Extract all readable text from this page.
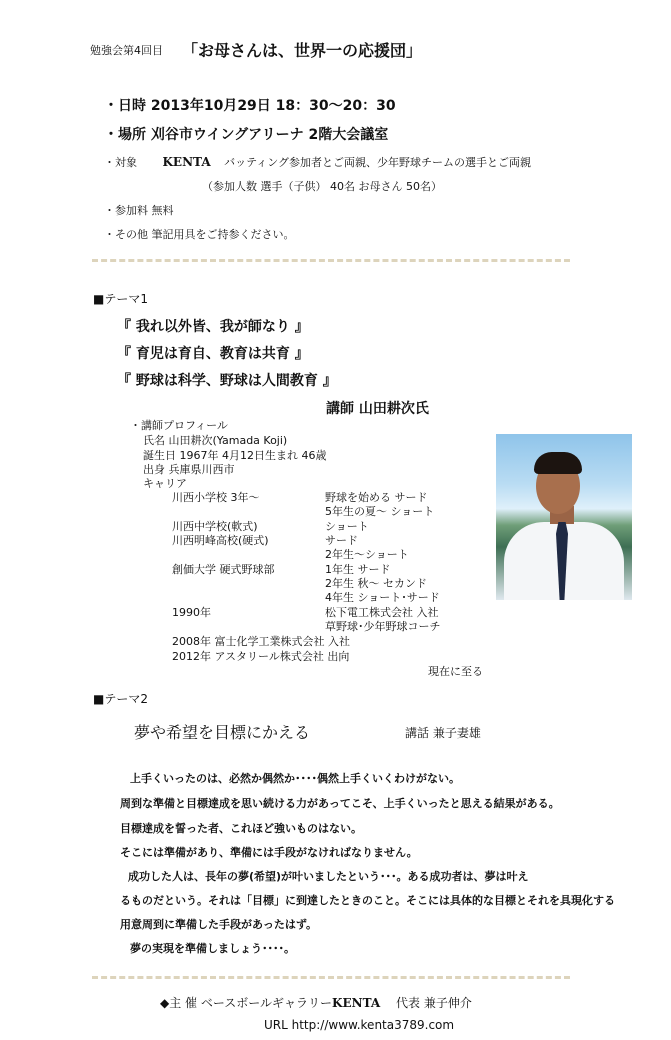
勉強会第4回目 「お母さんは、世界一の応援団」
・日時 2013年10月29日 18：30～20：30
・場所 刈谷市ウイングアリーナ 2階大会議室
・対象 KENTA バッティング参加者とご両親、少年野球チームの選手とご両親
（参加人数 選手（子供） 40名 お母さん 50名）
・参加料 無料
・その他 筆記用具をご持参ください。
■テーマ1
『 我れ以外皆、我が師なり 』
『 育児は育自、教育は共育 』
『 野球は科学、野球は人間教育 』
講師 山田耕次氏
・講師プロフィール
氏名 山田耕次(Yamada Koji)
誕生日 1967年 4月12日生まれ 46歳
出身 兵庫県川西市
キャリア
川西小学校 3年～	野球を始める サード
5年生の夏～ ショート
川西中学校(軟式)	ショート
川西明峰高校(硬式)	サード
2年生～ショート
創価大学 硬式野球部	1年生 サード
2年生 秋～ セカンド
4年生 ショート･サード
1990年	松下電工株式会社 入社
草野球･少年野球コーチ
2008年 富士化学工業株式会社 入社
2012年 アスタリール株式会社 出向
現在に至る
■テーマ2
夢や希望を目標にかえる	講話 兼子妻雄
上手くいったのは、必然か偶然か････偶然上手くいくわけがない。
周到な準備と目標達成を思い続ける力があってこそ、上手くいったと思える結果がある。
目標達成を誓った者、これほど強いものはない。
そこには準備があり、準備には手段がなければなりません。
成功した人は、長年の夢(希望)が叶いましたという･･･。ある成功者は、夢は叶え
るものだという。それは「目標」に到達したときのこと。そこには具体的な目標とそれを具現化する
用意周到に準備した手段があったはず。
夢の実現を準備しましょう････。
◆主 催 ベースボールギャラリーKENTA 代表 兼子伸介
URL http://www.kenta3789.com
